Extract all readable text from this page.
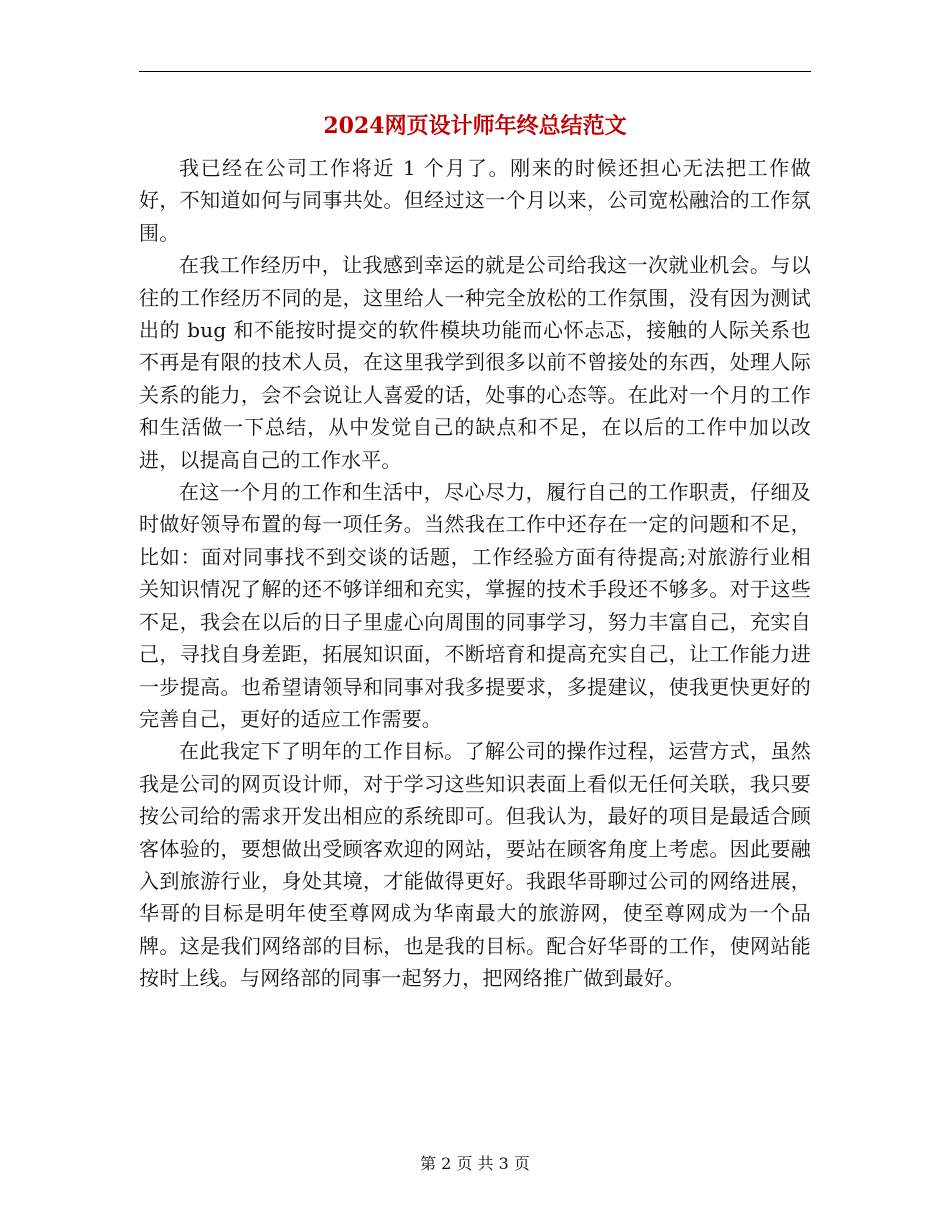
2024网页设计师年终总结范文

我已经在公司工作将近 1 个月了。刚来的时候还担心无法把工作做好，不知道如何与同事共处。但经过这一个月以来，公司宽松融洽的工作氛围。

在我工作经历中，让我感到幸运的就是公司给我这一次就业机会。与以往的工作经历不同的是，这里给人一种完全放松的工作氛围，没有因为测试出的 bug 和不能按时提交的软件模块功能而心怀忐忑，接触的人际关系也不再是有限的技术人员，在这里我学到很多以前不曾接处的东西，处理人际关系的能力，会不会说让人喜爱的话，处事的心态等。在此对一个月的工作和生活做一下总结，从中发觉自己的缺点和不足，在以后的工作中加以改进，以提高自己的工作水平。

在这一个月的工作和生活中，尽心尽力，履行自己的工作职责，仔细及时做好领导布置的每一项任务。当然我在工作中还存在一定的问题和不足，比如：面对同事找不到交谈的话题，工作经验方面有待提高;对旅游行业相关知识情况了解的还不够详细和充实，掌握的技术手段还不够多。对于这些不足，我会在以后的日子里虚心向周围的同事学习，努力丰富自己，充实自己，寻找自身差距，拓展知识面，不断培育和提高充实自己，让工作能力进一步提高。也希望请领导和同事对我多提要求，多提建议，使我更快更好的完善自己，更好的适应工作需要。

在此我定下了明年的工作目标。了解公司的操作过程，运营方式，虽然我是公司的网页设计师，对于学习这些知识表面上看似无任何关联，我只要按公司给的需求开发出相应的系统即可。但我认为，最好的项目是最适合顾客体验的，要想做出受顾客欢迎的网站，要站在顾客角度上考虑。因此要融入到旅游行业，身处其境，才能做得更好。我跟华哥聊过公司的网络进展，华哥的目标是明年使至尊网成为华南最大的旅游网，使至尊网成为一个品牌。这是我们网络部的目标，也是我的目标。配合好华哥的工作，使网站能按时上线。与网络部的同事一起努力，把网络推广做到最好。

第 2 页 共 3 页
